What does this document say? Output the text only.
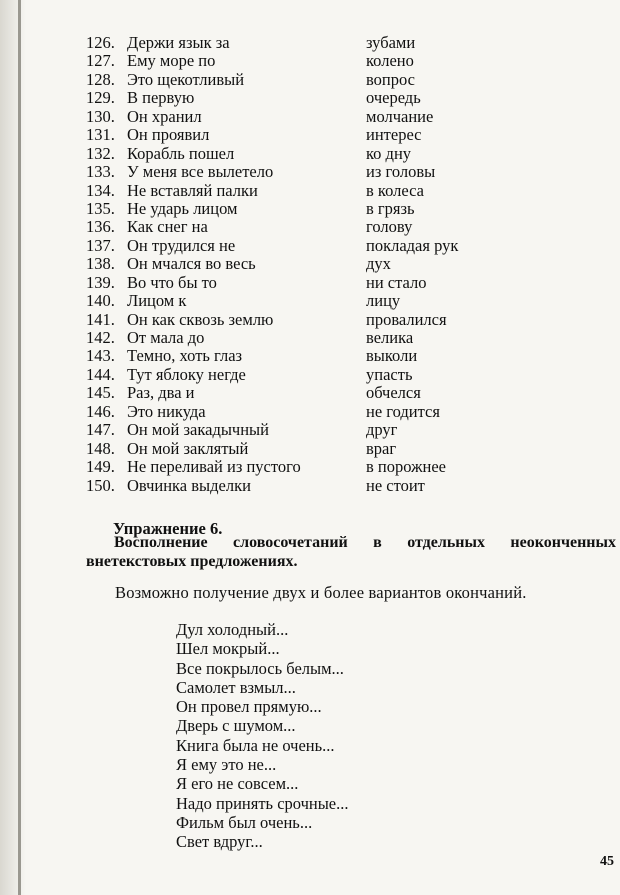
126. Держи язык за	зубами
127. Ему море по	колено
128. Это щекотливый	вопрос
129. В первую	очередь
130. Он хранил	молчание
131. Он проявил	интерес
132. Корабль пошел	ко дну
133. У меня все вылетело	из головы
134. Не вставляй палки	в колеса
135. Не ударь лицом	в грязь
136. Как снег на	голову
137. Он трудился не	покладая рук
138. Он мчался во весь	дух
139. Во что бы то	ни стало
140. Лицом к	лицу
141. Он как сквозь землю	провалился
142. От мала до	велика
143. Темно, хоть глаз	выколи
144. Тут яблоку негде	упасть
145. Раз, два и	обчелся
146. Это никуда	не годится
147. Он мой закадычный	друг
148. Он мой заклятый	враг
149. Не переливай из пустого	в порожнее
150. Овчинка выделки	не стоит
Упражнение 6.
Восполнение словосочетаний в отдельных неоконченных внетекстовых предложениях.
Возможно получение двух и более вариантов окончаний.
Дул холодный...
Шел мокрый...
Все покрылось белым...
Самолет взмыл...
Он провел прямую...
Дверь с шумом...
Книга была не очень...
Я ему это не...
Я его не совсем...
Надо принять срочные...
Фильм был очень...
Свет вдруг...
45
